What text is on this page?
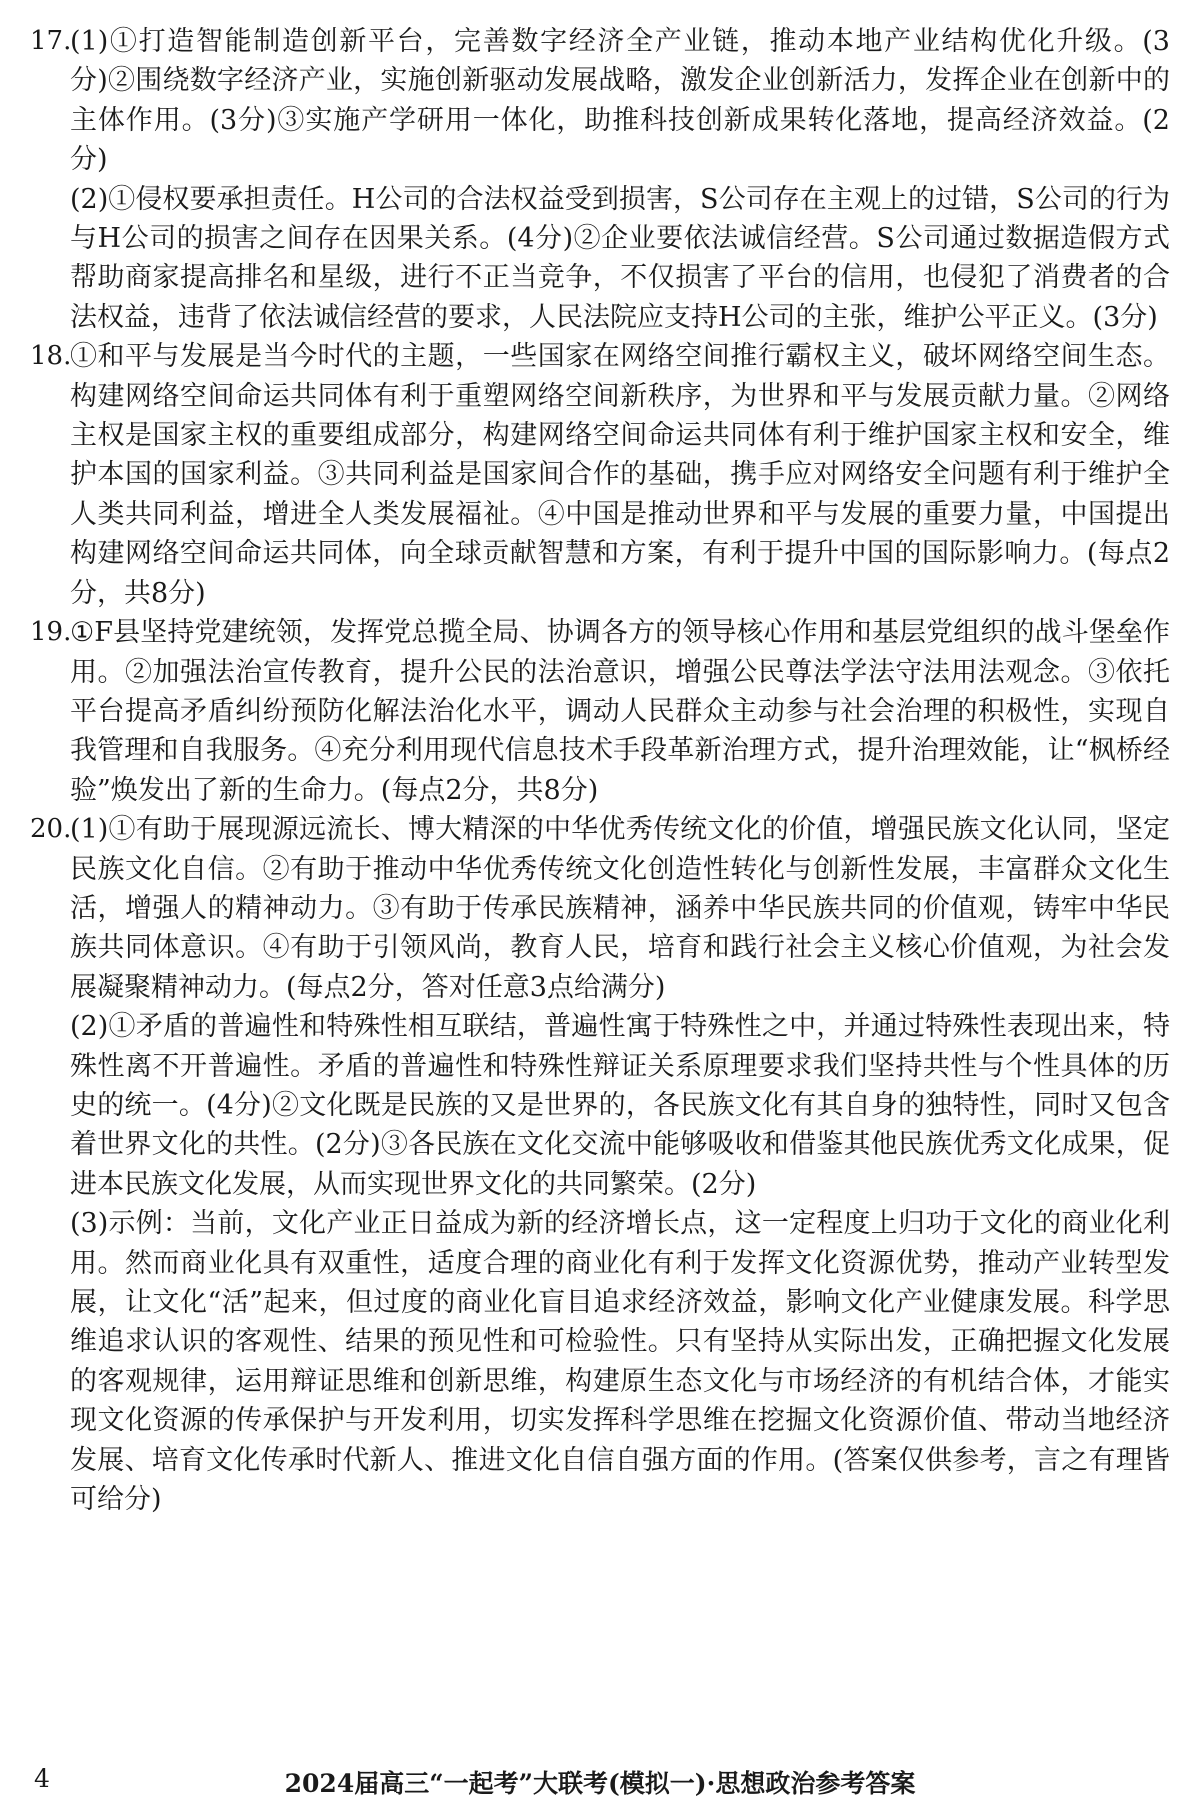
17.

(1)①打造智能制造创新平台，完善数字经济全产业链，推动本地产业结构优化升级。(3分)②围绕数字经济产业，实施创新驱动发展战略，激发企业创新活力，发挥企业在创新中的主体作用。(3分)③实施产学研用一体化，助推科技创新成果转化落地，提高经济效益。(2分)

(2)①侵权要承担责任。H公司的合法权益受到损害，S公司存在主观上的过错，S公司的行为与H公司的损害之间存在因果关系。(4分)②企业要依法诚信经营。S公司通过数据造假方式帮助商家提高排名和星级，进行不正当竞争，不仅损害了平台的信用，也侵犯了消费者的合法权益，违背了依法诚信经营的要求，人民法院应支持H公司的主张，维护公平正义。(3分)

18.

①和平与发展是当今时代的主题，一些国家在网络空间推行霸权主义，破坏网络空间生态。构建网络空间命运共同体有利于重塑网络空间新秩序，为世界和平与发展贡献力量。②网络主权是国家主权的重要组成部分，构建网络空间命运共同体有利于维护国家主权和安全，维护本国的国家利益。③共同利益是国家间合作的基础，携手应对网络安全问题有利于维护全人类共同利益，增进全人类发展福祉。④中国是推动世界和平与发展的重要力量，中国提出构建网络空间命运共同体，向全球贡献智慧和方案，有利于提升中国的国际影响力。(每点2分，共8分)

19.

①F县坚持党建统领，发挥党总揽全局、协调各方的领导核心作用和基层党组织的战斗堡垒作用。②加强法治宣传教育，提升公民的法治意识，增强公民尊法学法守法用法观念。③依托平台提高矛盾纠纷预防化解法治化水平，调动人民群众主动参与社会治理的积极性，实现自我管理和自我服务。④充分利用现代信息技术手段革新治理方式，提升治理效能，让“枫桥经验”焕发出了新的生命力。(每点2分，共8分)

20.

(1)①有助于展现源远流长、博大精深的中华优秀传统文化的价值，增强民族文化认同，坚定民族文化自信。②有助于推动中华优秀传统文化创造性转化与创新性发展，丰富群众文化生活，增强人的精神动力。③有助于传承民族精神，涵养中华民族共同的价值观，铸牢中华民族共同体意识。④有助于引领风尚，教育人民，培育和践行社会主义核心价值观，为社会发展凝聚精神动力。(每点2分，答对任意3点给满分)

(2)①矛盾的普遍性和特殊性相互联结，普遍性寓于特殊性之中，并通过特殊性表现出来，特殊性离不开普遍性。矛盾的普遍性和特殊性辩证关系原理要求我们坚持共性与个性具体的历史的统一。(4分)②文化既是民族的又是世界的，各民族文化有其自身的独特性，同时又包含着世界文化的共性。(2分)③各民族在文化交流中能够吸收和借鉴其他民族优秀文化成果，促进本民族文化发展，从而实现世界文化的共同繁荣。(2分)

(3)示例：当前，文化产业正日益成为新的经济增长点，这一定程度上归功于文化的商业化利用。然而商业化具有双重性，适度合理的商业化有利于发挥文化资源优势，推动产业转型发展，让文化“活”起来，但过度的商业化盲目追求经济效益，影响文化产业健康发展。科学思维追求认识的客观性、结果的预见性和可检验性。只有坚持从实际出发，正确把握文化发展的客观规律，运用辩证思维和创新思维，构建原生态文化与市场经济的有机结合体，才能实现文化资源的传承保护与开发利用，切实发挥科学思维在挖掘文化资源价值、带动当地经济发展、培育文化传承时代新人、推进文化自信自强方面的作用。(答案仅供参考，言之有理皆可给分)

4	2024届高三“一起考”大联考(模拟一)·思想政治参考答案
